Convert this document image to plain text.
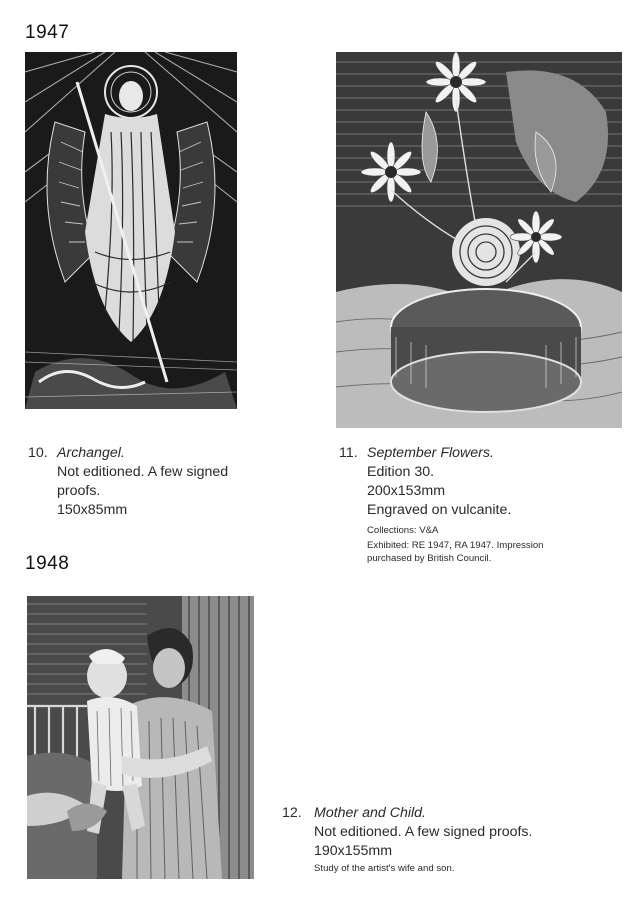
1947
10. Archangel.
Not editioned. A few signed
proofs.
150x85mm
11. September Flowers.
Edition 30.
200x153mm
Engraved on vulcanite.
Collections: V&A
Exhibited: RE 1947, RA 1947. Impression
purchased by British Council.
1948
12. Mother and Child.
Not editioned. A few signed proofs.
190x155mm
Study of the artist's wife and son.
